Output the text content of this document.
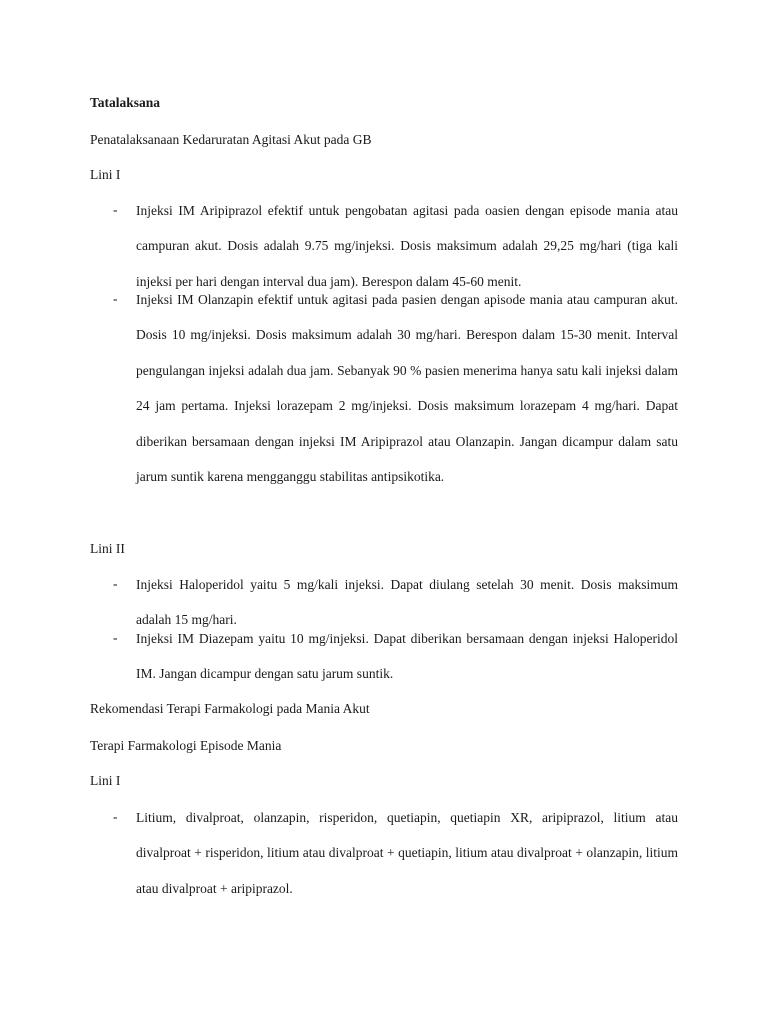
Tatalaksana
Penatalaksanaan Kedaruratan Agitasi Akut pada GB
Lini I
- Injeksi IM Aripiprazol efektif untuk pengobatan agitasi pada oasien dengan episode mania atau campuran akut. Dosis adalah 9.75 mg/injeksi. Dosis maksimum adalah 29,25 mg/hari (tiga kali injeksi per hari dengan interval dua jam). Berespon dalam 45-60 menit.
- Injeksi IM Olanzapin efektif untuk agitasi pada pasien dengan apisode mania atau campuran akut. Dosis 10 mg/injeksi. Dosis maksimum adalah 30 mg/hari. Berespon dalam 15-30 menit. Interval pengulangan injeksi adalah dua jam. Sebanyak 90 % pasien menerima hanya satu kali injeksi dalam 24 jam pertama. Injeksi lorazepam 2 mg/injeksi. Dosis maksimum lorazepam 4 mg/hari. Dapat diberikan bersamaan dengan injeksi IM Aripiprazol atau Olanzapin. Jangan dicampur dalam satu jarum suntik karena mengganggu stabilitas antipsikotika.
Lini II
- Injeksi Haloperidol yaitu 5 mg/kali injeksi. Dapat diulang setelah 30 menit. Dosis maksimum adalah 15 mg/hari.
- Injeksi IM Diazepam yaitu 10 mg/injeksi. Dapat diberikan bersamaan dengan injeksi Haloperidol IM. Jangan dicampur dengan satu jarum suntik.
Rekomendasi Terapi Farmakologi pada Mania Akut
Terapi Farmakologi Episode Mania
Lini I
- Litium, divalproat, olanzapin, risperidon, quetiapin, quetiapin XR, aripiprazol, litium atau divalproat + risperidon, litium atau divalproat + quetiapin, litium atau divalproat + olanzapin, litium atau divalproat + aripiprazol.
